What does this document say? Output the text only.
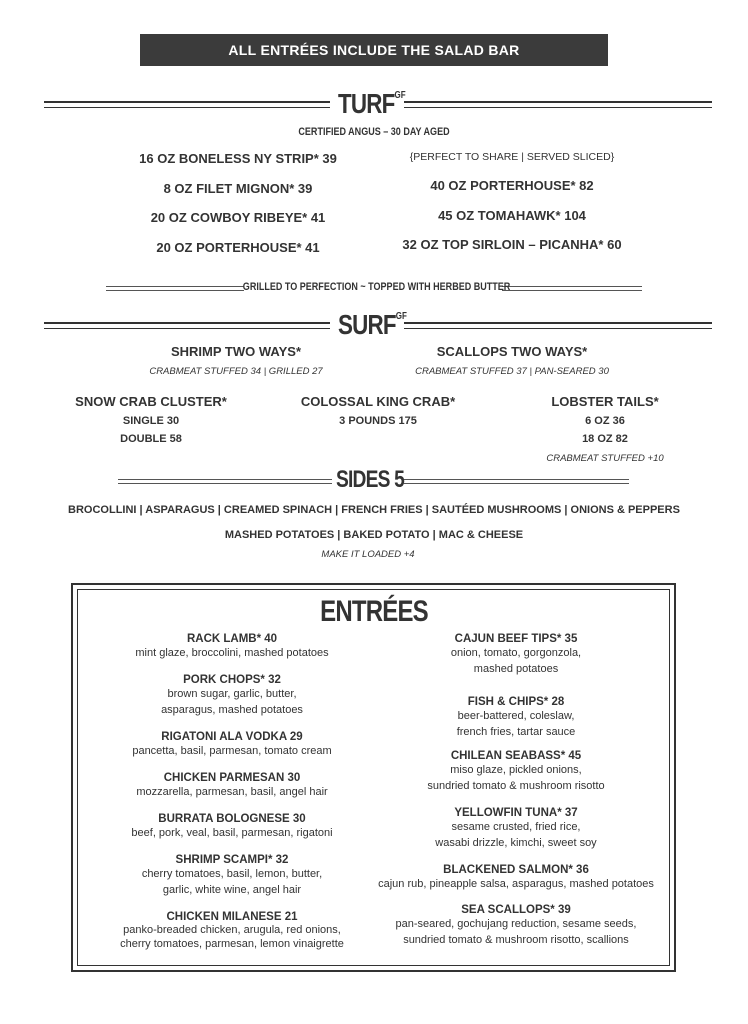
ALL ENTRÉES INCLUDE THE SALAD BAR
$TURF^{GF}$
CERTIFIED ANGUS – 30 DAY AGED
16 OZ BONELESS NY STRIP* 39
8 OZ FILET MIGNON* 39
20 OZ COWBOY RIBEYE* 41
20 OZ PORTERHOUSE* 41
{PERFECT TO SHARE | SERVED SLICED}
40 OZ PORTERHOUSE* 82
45 OZ TOMAHAWK* 104
32 OZ TOP SIRLOIN – PICANHA* 60
GRILLED TO PERFECTION ~ TOPPED WITH HERBED BUTTER
$SURF^{GF}$
SHRIMP TWO WAYS*
CRABMEAT STUFFED 34 | GRILLED 27
SCALLOPS TWO WAYS*
CRABMEAT STUFFED 37 | PAN-SEARED 30
SNOW CRAB CLUSTER*
SINGLE 30
DOUBLE 58
COLOSSAL KING CRAB*
3 POUNDS 175
LOBSTER TAILS*
6 OZ 36
18 OZ 82
CRABMEAT STUFFED +10
SIDES 5
BROCOLLINI | ASPARAGUS | CREAMED SPINACH | FRENCH FRIES | SAUTÉED MUSHROOMS | ONIONS & PEPPERS
MASHED POTATOES | BAKED POTATO | MAC & CHEESE
MAKE IT LOADED +4
ENTRÉES
RACK LAMB* 40
mint glaze, broccolini, mashed potatoes
PORK CHOPS* 32
brown sugar, garlic, butter,
asparagus, mashed potatoes
RIGATONI ALA VODKA 29
pancetta, basil, parmesan, tomato cream
CHICKEN PARMESAN 30
mozzarella, parmesan, basil, angel hair
BURRATA BOLOGNESE 30
beef, pork, veal, basil, parmesan, rigatoni
SHRIMP SCAMPI* 32
cherry tomatoes, basil, lemon, butter,
garlic, white wine, angel hair
CHICKEN MILANESE 21
panko-breaded chicken, arugula, red onions,
cherry tomatoes, parmesan, lemon vinaigrette
CAJUN BEEF TIPS* 35
onion, tomato, gorgonzola,
mashed potatoes
FISH & CHIPS* 28
beer-battered, coleslaw,
french fries, tartar sauce
CHILEAN SEABASS* 45
miso glaze, pickled onions,
sundried tomato & mushroom risotto
YELLOWFIN TUNA* 37
sesame crusted, fried rice,
wasabi drizzle, kimchi, sweet soy
BLACKENED SALMON* 36
cajun rub, pineapple salsa, asparagus, mashed potatoes
SEA SCALLOPS* 39
pan-seared, gochujang reduction, sesame seeds,
sundried tomato & mushroom risotto, scallions
